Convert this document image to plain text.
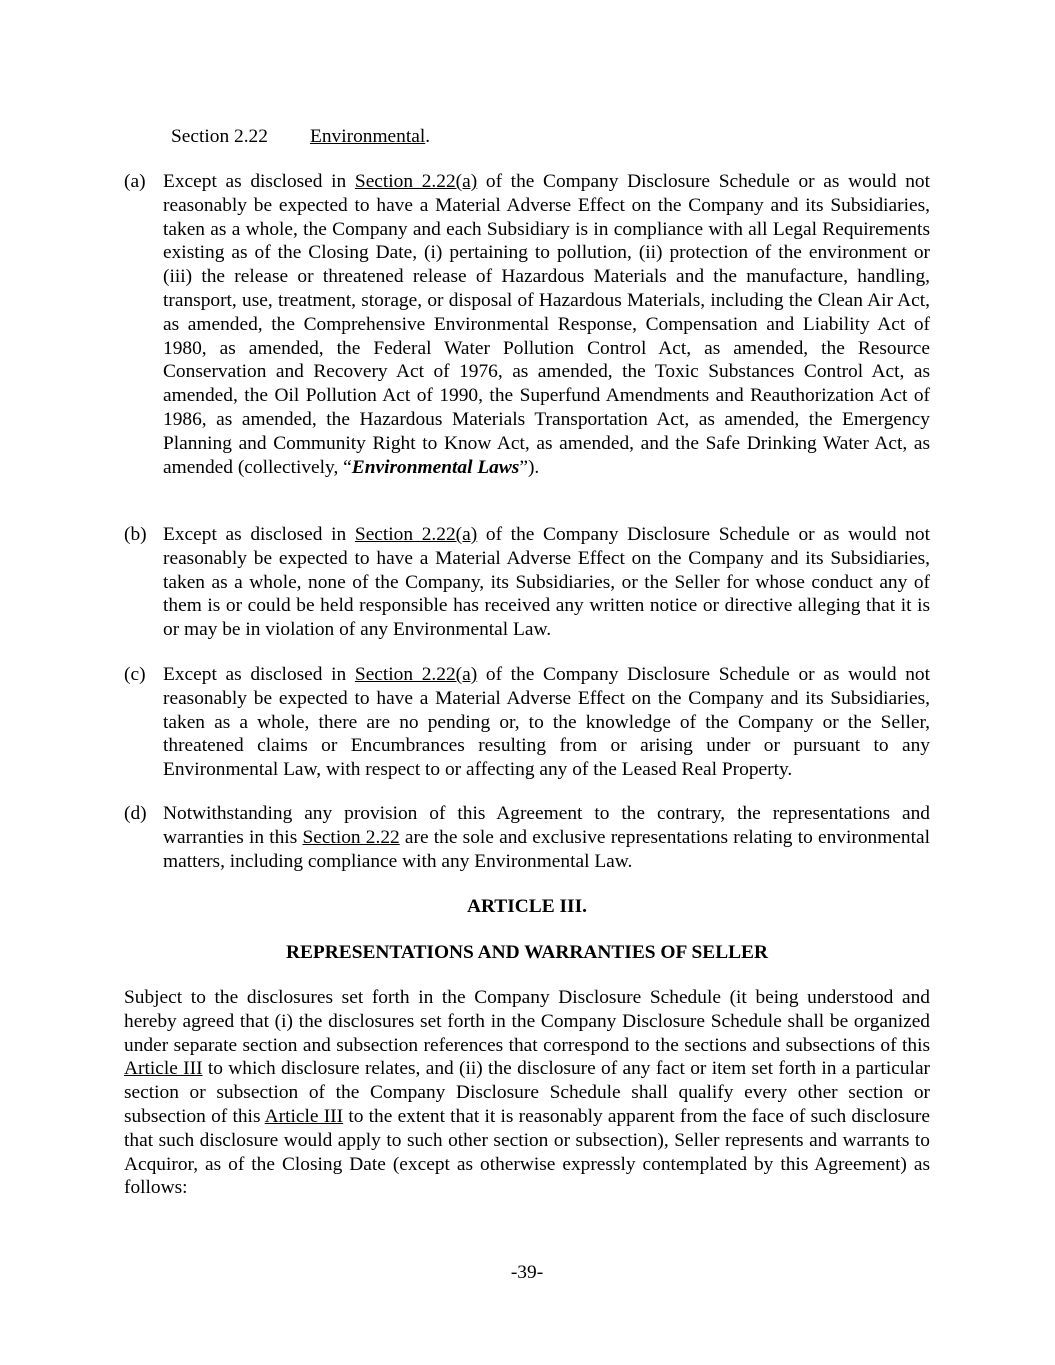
Section 2.22 Environmental.
(a) Except as disclosed in Section 2.22(a) of the Company Disclosure Schedule or as would not reasonably be expected to have a Material Adverse Effect on the Company and its Subsidiaries, taken as a whole, the Company and each Subsidiary is in compliance with all Legal Requirements existing as of the Closing Date, (i) pertaining to pollution, (ii) protection of the environment or (iii) the release or threatened release of Hazardous Materials and the manufacture, handling, transport, use, treatment, storage, or disposal of Hazardous Materials, including the Clean Air Act, as amended, the Comprehensive Environmental Response, Compensation and Liability Act of 1980, as amended, the Federal Water Pollution Control Act, as amended, the Resource Conservation and Recovery Act of 1976, as amended, the Toxic Substances Control Act, as amended, the Oil Pollution Act of 1990, the Superfund Amendments and Reauthorization Act of 1986, as amended, the Hazardous Materials Transportation Act, as amended, the Emergency Planning and Community Right to Know Act, as amended, and the Safe Drinking Water Act, as amended (collectively, “Environmental Laws”).
(b) Except as disclosed in Section 2.22(a) of the Company Disclosure Schedule or as would not reasonably be expected to have a Material Adverse Effect on the Company and its Subsidiaries, taken as a whole, none of the Company, its Subsidiaries, or the Seller for whose conduct any of them is or could be held responsible has received any written notice or directive alleging that it is or may be in violation of any Environmental Law.
(c) Except as disclosed in Section 2.22(a) of the Company Disclosure Schedule or as would not reasonably be expected to have a Material Adverse Effect on the Company and its Subsidiaries, taken as a whole, there are no pending or, to the knowledge of the Company or the Seller, threatened claims or Encumbrances resulting from or arising under or pursuant to any Environmental Law, with respect to or affecting any of the Leased Real Property.
(d) Notwithstanding any provision of this Agreement to the contrary, the representations and warranties in this Section 2.22 are the sole and exclusive representations relating to environmental matters, including compliance with any Environmental Law.
ARTICLE III.
REPRESENTATIONS AND WARRANTIES OF SELLER
Subject to the disclosures set forth in the Company Disclosure Schedule (it being understood and hereby agreed that (i) the disclosures set forth in the Company Disclosure Schedule shall be organized under separate section and subsection references that correspond to the sections and subsections of this Article III to which disclosure relates, and (ii) the disclosure of any fact or item set forth in a particular section or subsection of the Company Disclosure Schedule shall qualify every other section or subsection of this Article III to the extent that it is reasonably apparent from the face of such disclosure that such disclosure would apply to such other section or subsection), Seller represents and warrants to Acquiror, as of the Closing Date (except as otherwise expressly contemplated by this Agreement) as follows:
-39-
